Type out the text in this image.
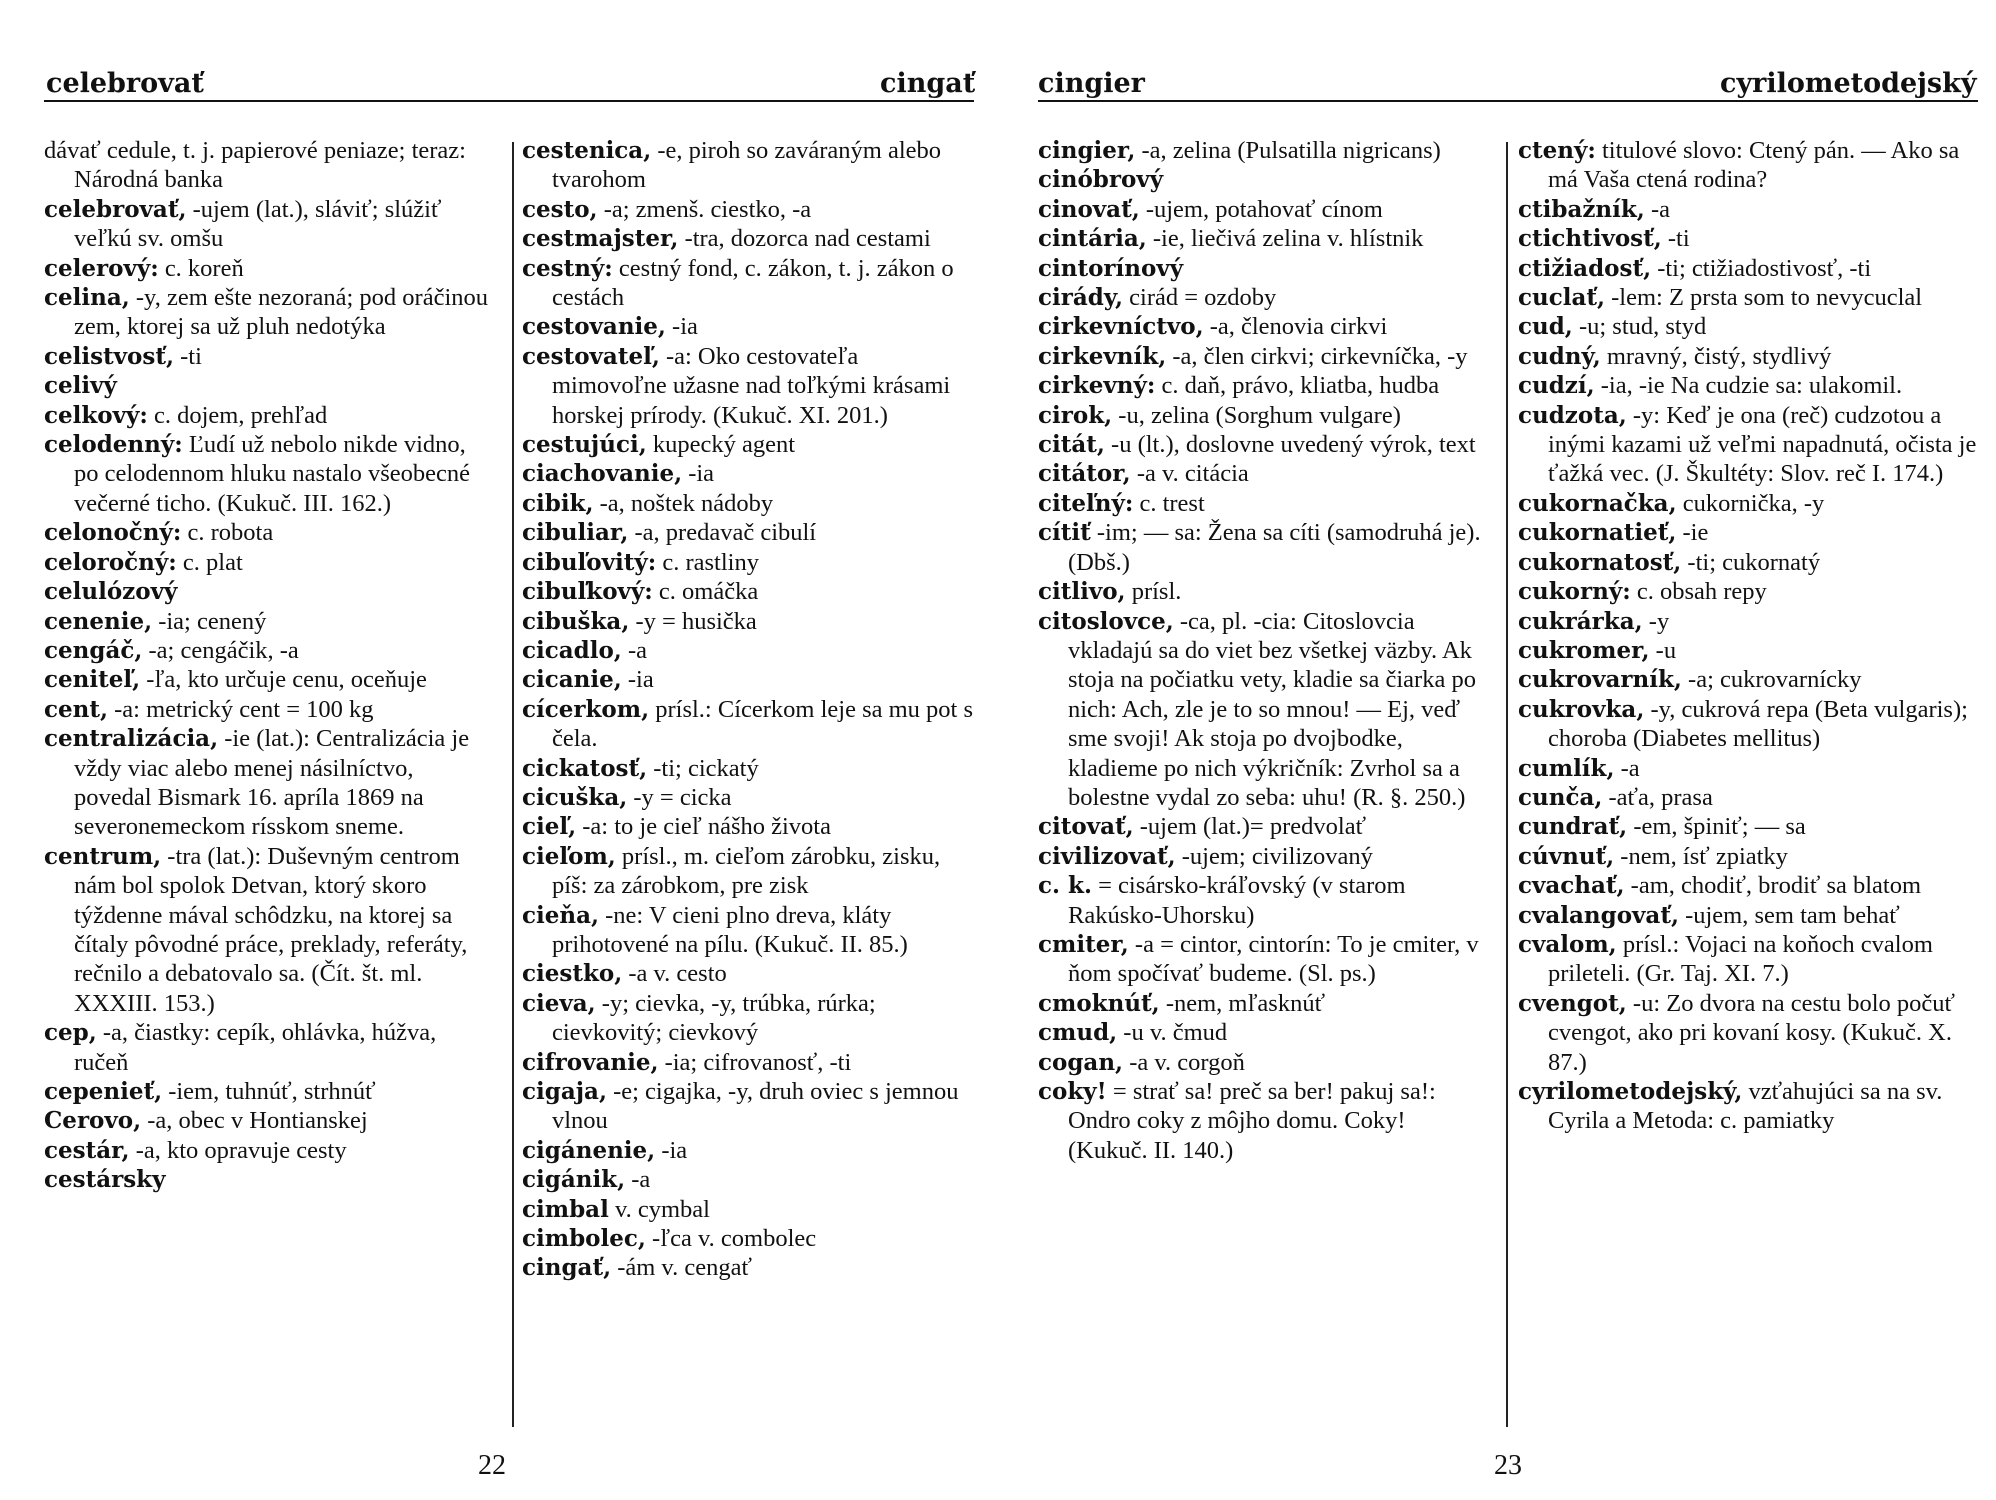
celebrovať	cingať

dávať cedule, t. j. papierové peniaze; teraz: Národná banka

celebrovať, -ujem (lat.), sláviť; slúžiť veľkú sv. omšu

celerový: c. koreň

celina, -y, zem ešte nezoraná; pod oráčinou zem, ktorej sa už pluh nedotýka

celistvosť, -ti

celivý

celkový: c. dojem, prehľad

celodenný: Ľudí už nebolo nikde vidno, po celodennom hluku nastalo všeobecné večerné ticho. (Kukuč. III. 162.)

celonočný: c. robota

celoročný: c. plat

celulózový

cenenie, -ia; cenený

cengáč, -a; cengáčik, -a

ceniteľ, -ľa, kto určuje cenu, oceňuje

cent, -a: metrický cent = 100 kg

centralizácia, -ie (lat.): Centralizácia je vždy viac alebo menej násilníctvo, povedal Bismark 16. apríla 1869 na severonemeckom rísskom sneme.

centrum, -tra (lat.): Duševným centrom nám bol spolok Detvan, ktorý skoro týždenne mával schôdzku, na ktorej sa čítaly pôvodné práce, preklady, referáty, rečnilo a debatovalo sa. (Čít. št. ml. XXXIII. 153.)

cep, -a, čiastky: cepík, ohlávka, húžva, ručeň

cepenieť, -iem, tuhnúť, strhnúť

Cerovo, -a, obec v Hontianskej

cestár, -a, kto opravuje cesty

cestársky

cestenica, -e, piroh so zaváraným alebo tvarohom

cesto, -a; zmenš. ciestko, -a

cestmajster, -tra, dozorca nad cestami

cestný: cestný fond, c. zákon, t. j. zákon o cestách

cestovanie, -ia

cestovateľ, -a: Oko cestovateľa mimovoľne užasne nad toľkými krásami horskej prírody. (Kukuč. XI. 201.)

cestujúci, kupecký agent

ciachovanie, -ia

cibik, -a, noštek nádoby

cibuliar, -a, predavač cibulí

cibuľovitý: c. rastliny

cibuľkový: c. omáčka

cibuška, -y = husička

cicadlo, -a

cicanie, -ia

cícerkom, prísl.: Cícerkom leje sa mu pot s čela.

cickatosť, -ti; cickatý

cicuška, -y = cicka

cieľ, -a: to je cieľ nášho života

cieľom, prísl., m. cieľom zárobku, zisku, píš: za zárobkom, pre zisk

cieňa, -ne: V cieni plno dreva, kláty prihotovené na pílu. (Kukuč. II. 85.)

ciestko, -a v. cesto

cieva, -y; cievka, -y, trúbka, rúrka; cievkovitý; cievkový

cifrovanie, -ia; cifrovanosť, -ti

cigaja, -e; cigajka, -y, druh oviec s jemnou vlnou

cigánenie, -ia

cigánik, -a

cimbal v. cymbal

cimbolec, -ľca v. combolec

cingať, -ám v. cengať

22
cingier	cyrilometodejský

cingier, -a, zelina (Pulsatilla nigricans)

cinóbrový

cinovať, -ujem, potahovať cínom

cintária, -ie, liečivá zelina v. hlístnik

cintorínový

cirády, cirád = ozdoby

cirkevníctvo, -a, členovia cirkvi

cirkevník, -a, člen cirkvi; cirkevníčka, -y

cirkevný: c. daň, právo, kliatba, hudba

cirok, -u, zelina (Sorghum vulgare)

citát, -u (lt.), doslovne uvedený výrok, text

citátor, -a v. citácia

citeľný: c. trest

cítiť -im; — sa: Žena sa cíti (samodruhá je). (Dbš.)

citlivo, prísl.

citoslovce, -ca, pl. -cia: Citoslovcia vkladajú sa do viet bez všetkej väzby. Ak stoja na počiatku vety, kladie sa čiarka po nich: Ach, zle je to so mnou! — Ej, veď sme svoji! Ak stoja po dvojbodke, kladieme po nich výkričník: Zvrhol sa a bolestne vydal zo seba: uhu! (R. §. 250.)

citovať, -ujem (lat.)= predvolať

civilizovať, -ujem; civilizovaný

c. k. = cisársko-kráľovský (v starom Rakúsko-Uhorsku)

cmiter, -a = cintor, cintorín: To je cmiter, v ňom spočívať budeme. (Sl. ps.)

cmoknúť, -nem, mľasknúť

cmud, -u v. čmud

cogan, -a v. corgoň

coky! = strať sa! preč sa ber! pakuj sa!: Ondro coky z môjho domu. Coky! (Kukuč. II. 140.)

ctený: titulové slovo: Ctený pán. — Ako sa má Vaša ctená rodina?

ctibažník, -a

ctichtivosť, -ti

ctižiadosť, -ti; ctižiadostivosť, -ti

cuclať, -lem: Z prsta som to nevycuclal

cud, -u; stud, styd

cudný, mravný, čistý, stydlivý

cudzí, -ia, -ie Na cudzie sa: ulakomil.

cudzota, -y: Keď je ona (reč) cudzotou a inými kazami už veľmi napadnutá, očista je ťažká vec. (J. Škultéty: Slov. reč I. 174.)

cukornačka, cukornička, -y

cukornatieť, -ie

cukornatosť, -ti; cukornatý

cukorný: c. obsah repy

cukrárka, -y

cukromer, -u

cukrovarník, -a; cukrovarnícky

cukrovka, -y, cukrová repa (Beta vulgaris); choroba (Diabetes mellitus)

cumlík, -a

cunča, -aťa, prasa

cundrať, -em, špiniť; — sa

cúvnuť, -nem, ísť zpiatky

cvachať, -am, chodiť, brodiť sa blatom

cvalangovať, -ujem, sem tam behať

cvalom, prísl.: Vojaci na koňoch cvalom prileteli. (Gr. Taj. XI. 7.)

cvengot, -u: Zo dvora na cestu bolo počuť cvengot, ako pri kovaní kosy. (Kukuč. X. 87.)

cyrilometodejský, vzťahujúci sa na sv. Cyrila a Metoda: c. pamiatky

23
